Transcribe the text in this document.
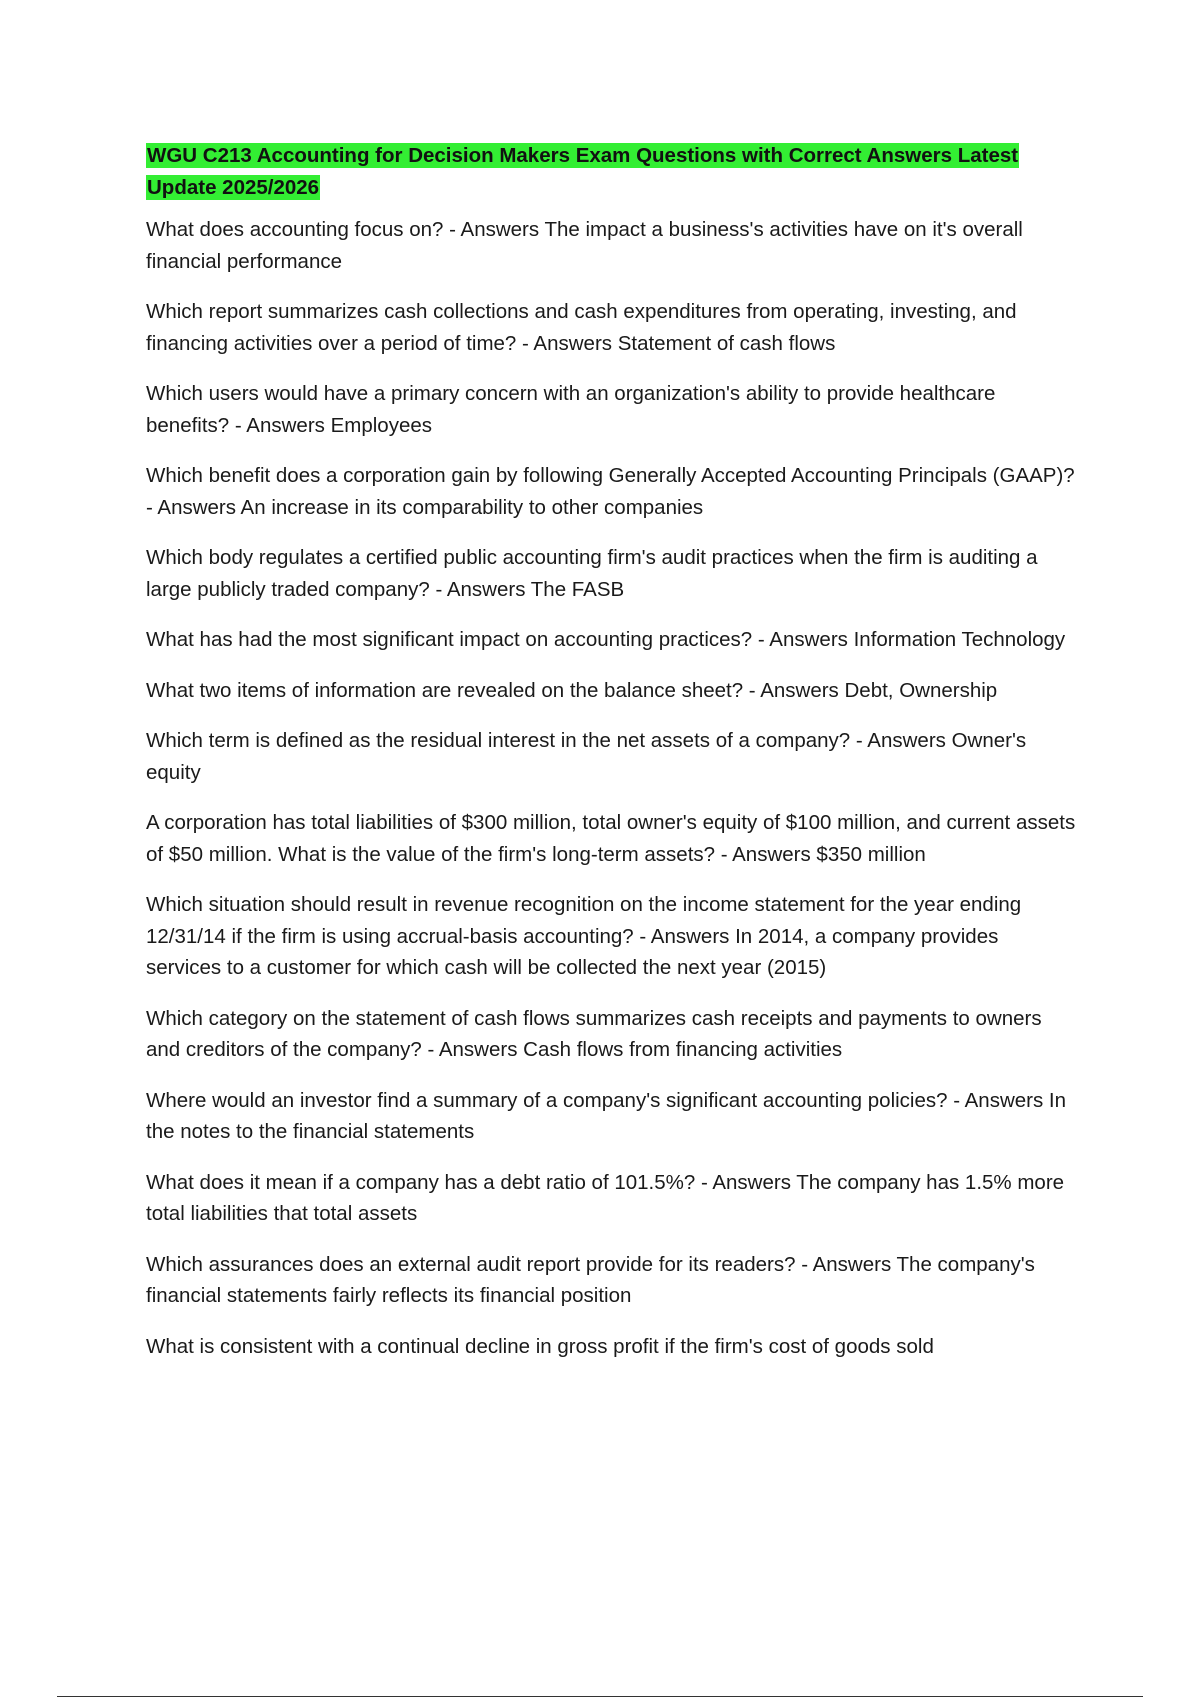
WGU C213 Accounting for Decision Makers Exam Questions with Correct Answers Latest Update 2025/2026

What does accounting focus on? - Answers The impact a business's activities have on it's overall financial performance

Which report summarizes cash collections and cash expenditures from operating, investing, and financing activities over a period of time? - Answers Statement of cash flows

Which users would have a primary concern with an organization's ability to provide healthcare benefits? - Answers Employees

Which benefit does a corporation gain by following Generally Accepted Accounting Principals (GAAP)? - Answers An increase in its comparability to other companies

Which body regulates a certified public accounting firm's audit practices when the firm is auditing a large publicly traded company? - Answers The FASB

What has had the most significant impact on accounting practices? - Answers Information Technology

What two items of information are revealed on the balance sheet? - Answers Debt, Ownership

Which term is defined as the residual interest in the net assets of a company? - Answers Owner's equity

A corporation has total liabilities of $300 million, total owner's equity of $100 million, and current assets of $50 million. What is the value of the firm's long-term assets? - Answers $350 million

Which situation should result in revenue recognition on the income statement for the year ending 12/31/14 if the firm is using accrual-basis accounting? - Answers In 2014, a company provides services to a customer for which cash will be collected the next year (2015)

Which category on the statement of cash flows summarizes cash receipts and payments to owners and creditors of the company? - Answers Cash flows from financing activities

Where would an investor find a summary of a company's significant accounting policies? - Answers In the notes to the financial statements

What does it mean if a company has a debt ratio of 101.5%? - Answers The company has 1.5% more total liabilities that total assets

Which assurances does an external audit report provide for its readers? - Answers The company's financial statements fairly reflects its financial position

What is consistent with a continual decline in gross profit if the firm's cost of goods sold
